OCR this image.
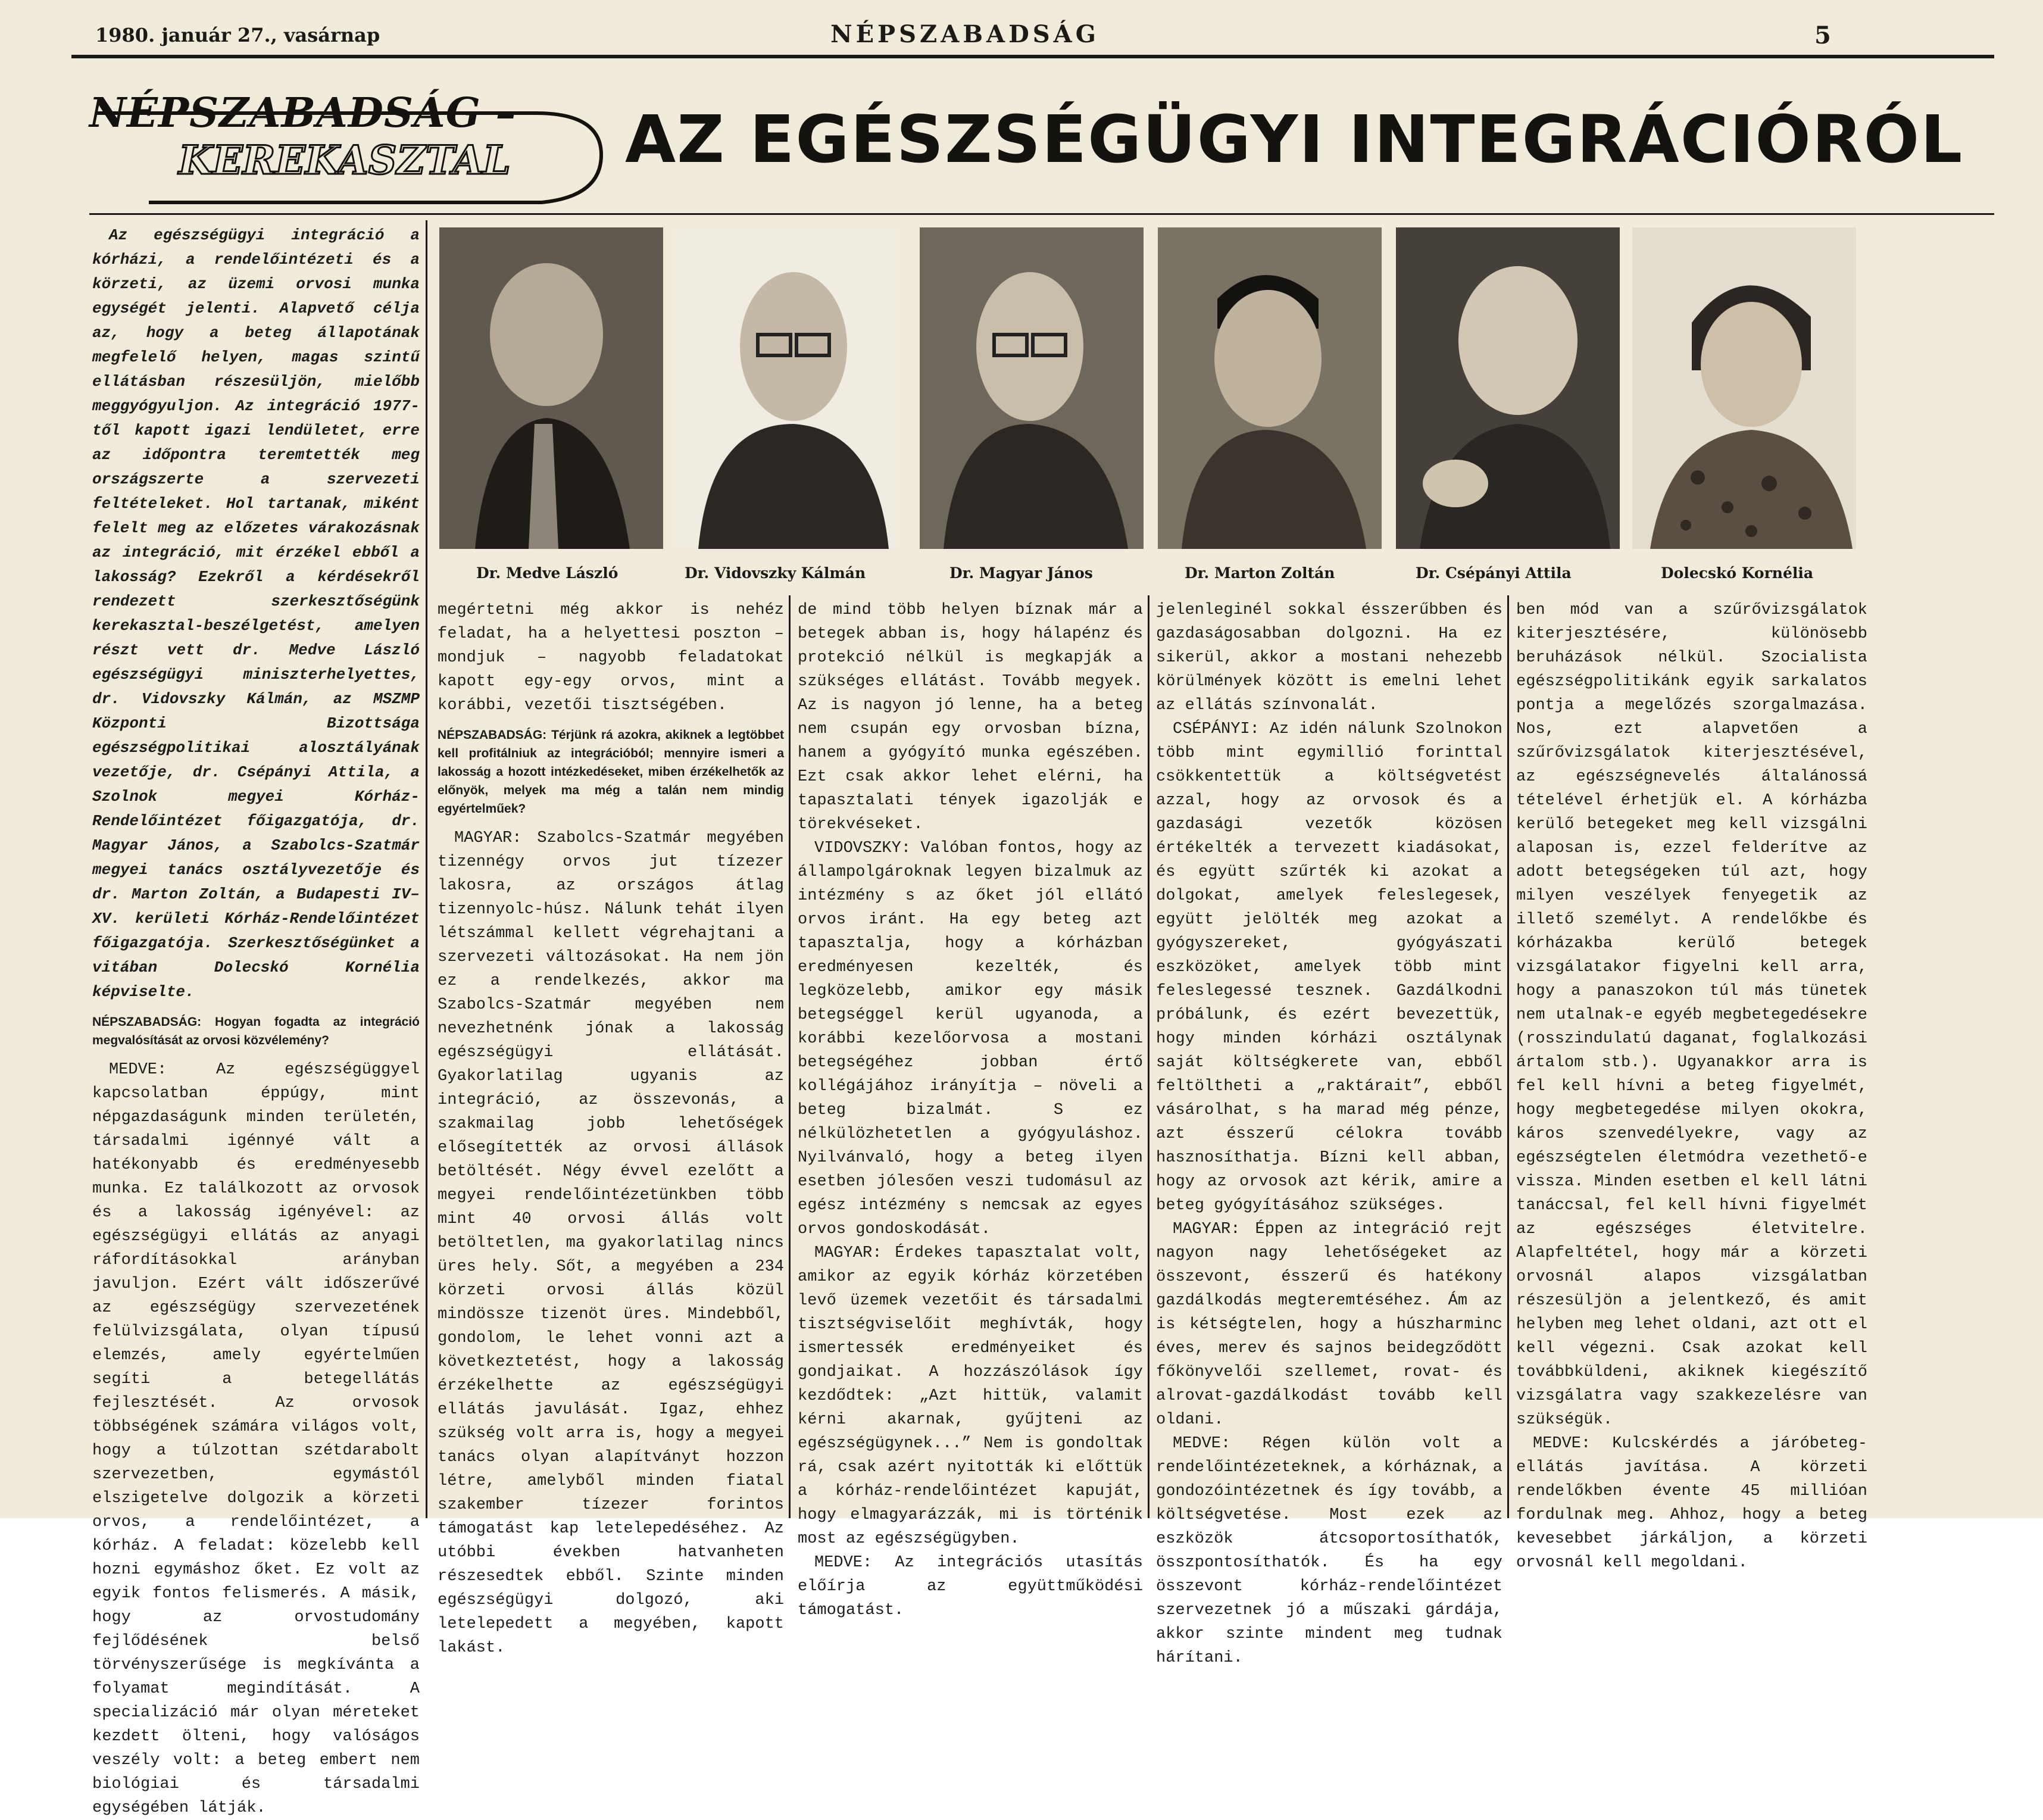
1980. január 27., vasárnap	NÉPSZABADSÁG	5
NÉPSZABADSÁG –
KEREKASZTAL AZ EGÉSZSÉGÜGYI INTEGRÁCIÓRÓL
Dr. Medve László	Dr. Vidovszky Kálmán	Dr. Magyar János	Dr. Marton Zoltán	Dr. Csépányi Attila	Dolecskó Kornélia

Az egészségügyi integráció a kórházi, a rendelőintézeti és a körzeti, az üzemi orvosi munka egységét jelenti. Alapvető célja az, hogy a beteg állapotának megfelelő helyen, magas szintű ellátásban részesüljön, mielőbb meggyógyuljon. Az integráció 1977-től kapott igazi lendületet, erre az időpontra teremtették meg országszerte a szervezeti feltételeket. Hol tartanak, miként felelt meg az előzetes várakozásnak az integráció, mit érzékel ebből a lakosság? Ezekről a kérdésekről rendezett szerkesztőségünk kerekasztal-beszélgetést, amelyen részt vett dr. Medve László egészségügyi miniszterhelyettes, dr. Vidovszky Kálmán, az MSZMP Központi Bizottsága egészségpolitikai alosztályának vezetője, dr. Csépányi Attila, a Szolnok megyei Kórház-Rendelőintézet főigazgatója, dr. Magyar János, a Szabolcs-Szatmár megyei tanács osztályvezetője és dr. Marton Zoltán, a Budapesti IV–XV. kerületi Kórház-Rendelőintézet főigazgatója. Szerkesztőségünket a vitában Dolecskó Kornélia képviselte.

NÉPSZABADSÁG: Hogyan fogadta az integráció megvalósítását az orvosi közvélemény?

MEDVE: Az egészségüggyel kapcsolatban éppúgy, mint népgazdaságunk minden területén, társadalmi igénnyé vált a hatékonyabb és eredményesebb munka. Ez találkozott az orvosok és a lakosság igényével: az egészségügyi ellátás az anyagi ráfordításokkal arányban javuljon. Ezért vált időszerűvé az egészségügy szervezetének felülvizsgálata, olyan típusú elemzés, amely egyértelműen segíti a betegellátás fejlesztését. Az orvosok többségének számára világos volt, hogy a túlzottan szétdarabolt szervezetben, egymástól elszigetelve dolgozik a körzeti orvos, a rendelőintézet, a kórház. A feladat: közelebb kell hozni egymáshoz őket. Ez volt az egyik fontos felismerés. A másik, hogy az orvostudomány fejlődésének belső törvényszerűsége is megkívánta a folyamat megindítását. A specializáció már olyan méreteket kezdett ölteni, hogy valóságos veszély volt: a beteg embert nem biológiai és társadalmi egységében látják.

megértetni még akkor is nehéz feladat, ha a helyettesi poszton – mondjuk – nagyobb feladatokat kapott egy-egy orvos, mint a korábbi, vezetői tisztségében.

NÉPSZABADSÁG: Térjünk rá azokra, akiknek a legtöbbet kell profitálniuk az integrációból; mennyire ismeri a lakosság a hozott intézkedéseket, miben érzékelhetők az előnyök, melyek ma még a talán nem mindig egyértelműek?

MAGYAR: Szabolcs-Szatmár megyében tizennégy orvos jut tízezer lakosra, az országos átlag tizennyolc-húsz. Nálunk tehát ilyen létszámmal kellett végrehajtani a szervezeti változásokat. Ha nem jön ez a rendelkezés, akkor ma Szabolcs-Szatmár megyében nem nevezhetnénk jónak a lakosság egészségügyi ellátását. Gyakorlatilag ugyanis az integráció, az összevonás, a szakmailag jobb lehetőségek elősegítették az orvosi állások betöltését. Négy évvel ezelőtt a megyei rendelőintézetünkben több mint 40 orvosi állás volt betöltetlen, ma gyakorlatilag nincs üres hely. Sőt, a megyében a 234 körzeti orvosi állás közül mindössze tizenöt üres. Mindebből, gondolom, le lehet vonni azt a következtetést, hogy a lakosság érzékelhette az egészségügyi ellátás javulását. Igaz, ehhez szükség volt arra is, hogy a megyei tanács olyan alapítványt hozzon létre, amelyből minden fiatal szakember tízezer forintos támogatást kap letelepedéséhez. Az utóbbi években hatvanheten részesedtek ebből. Szinte minden egészségügyi dolgozó, aki letelepedett a megyében, kapott lakást.

de mind több helyen bíznak már a betegek abban is, hogy hálapénz és protekció nélkül is megkapják a szükséges ellátást. Tovább megyek. Az is nagyon jó lenne, ha a beteg nem csupán egy orvosban bízna, hanem a gyógyító munka egészében. Ezt csak akkor lehet elérni, ha tapasztalati tények igazolják e törekvéseket.

VIDOVSZKY: Valóban fontos, hogy az állampolgároknak legyen bizalmuk az intézmény s az őket jól ellátó orvos iránt. Ha egy beteg azt tapasztalja, hogy a kórházban eredményesen kezelték, és legközelebb, amikor egy másik betegséggel kerül ugyanoda, a korábbi kezelőorvosa a mostani betegségéhez jobban értő kollégájához irányítja – növeli a beteg bizalmát. S ez nélkülözhetetlen a gyógyuláshoz. Nyilvánvaló, hogy a beteg ilyen esetben jólesően veszi tudomásul az egész intézmény s nemcsak az egyes orvos gondoskodását.

MAGYAR: Érdekes tapasztalat volt, amikor az egyik kórház körzetében levő üzemek vezetőit és társadalmi tisztségviselőit meghívták, hogy ismertessék eredményeiket és gondjaikat. A hozzászólások így kezdődtek: „Azt hittük, valamit kérni akarnak, gyűjteni az egészségügynek...” Nem is gondoltak rá, csak azért nyitották ki előttük a kórház-rendelőintézet kapuját, hogy elmagyarázzák, mi is történik most az egészségügyben.

MEDVE: Az integrációs utasítás előírja az együttműködési támogatást.

jelenleginél sokkal ésszerűbben és gazdaságosabban dolgozni. Ha ez sikerül, akkor a mostani nehezebb körülmények között is emelni lehet az ellátás színvonalát.

CSÉPÁNYI: Az idén nálunk Szolnokon több mint egymillió forinttal csökkentettük a költségvetést azzal, hogy az orvosok és a gazdasági vezetők közösen értékelték a tervezett kiadásokat, és együtt szűrték ki azokat a dolgokat, amelyek feleslegesek, együtt jelölték meg azokat a gyógyszereket, gyógyászati eszközöket, amelyek több mint feleslegessé tesznek. Gazdálkodni próbálunk, és ezért bevezettük, hogy minden kórházi osztálynak saját költségkerete van, ebből feltöltheti a „raktárait”, ebből vásárolhat, s ha marad még pénze, azt ésszerű célokra tovább hasznosíthatja. Bízni kell abban, hogy az orvosok azt kérik, amire a beteg gyógyításához szükséges.

MAGYAR: Éppen az integráció rejt nagyon nagy lehetőségeket az összevont, ésszerű és hatékony gazdálkodás megteremtéséhez. Ám az is kétségtelen, hogy a húszharminc éves, merev és sajnos beidegződött főkönyvelői szellemet, rovat- és alrovat-gazdálkodást tovább kell oldani.

MEDVE: Régen külön volt a rendelőintézeteknek, a kórháznak, a gondozóintézetnek és így tovább, a költségvetése. Most ezek az eszközök átcsoportosíthatók, összpontosíthatók. És ha egy összevont kórház-rendelőintézet szervezetnek jó a műszaki gárdája, akkor szinte mindent meg tudnak hárítani.

ben mód van a szűrővizsgálatok kiterjesztésére, különösebb beruházások nélkül. Szocialista egészségpolitikánk egyik sarkalatos pontja a megelőzés szorgalmazása. Nos, ezt alapvetően a szűrővizsgálatok kiterjesztésével, az egészségnevelés általánossá tételével érhetjük el. A kórházba kerülő betegeket meg kell vizsgálni alaposan is, ezzel felderítve az adott betegségeken túl azt, hogy milyen veszélyek fenyegetik az illető személyt. A rendelőkbe és kórházakba kerülő betegek vizsgálatakor figyelni kell arra, hogy a panaszokon túl más tünetek nem utalnak-e egyéb megbetegedésekre (rosszindulatú daganat, foglalkozási ártalom stb.). Ugyanakkor arra is fel kell hívni a beteg figyelmét, hogy megbetegedése milyen okokra, káros szenvedélyekre, vagy az egészségtelen életmódra vezethető-e vissza. Minden esetben el kell látni tanáccsal, fel kell hívni figyelmét az egészséges életvitelre. Alapfeltétel, hogy már a körzeti orvosnál alapos vizsgálatban részesüljön a jelentkező, és amit helyben meg lehet oldani, azt ott el kell végezni. Csak azokat kell továbbküldeni, akiknek kiegészítő vizsgálatra vagy szakkezelésre van szükségük.

MEDVE: Kulcskérdés a járóbeteg-ellátás javítása. A körzeti rendelőkben évente 45 millióan fordulnak meg. Ahhoz, hogy a beteg kevesebbet járkáljon, a körzeti orvosnál kell megoldani.
